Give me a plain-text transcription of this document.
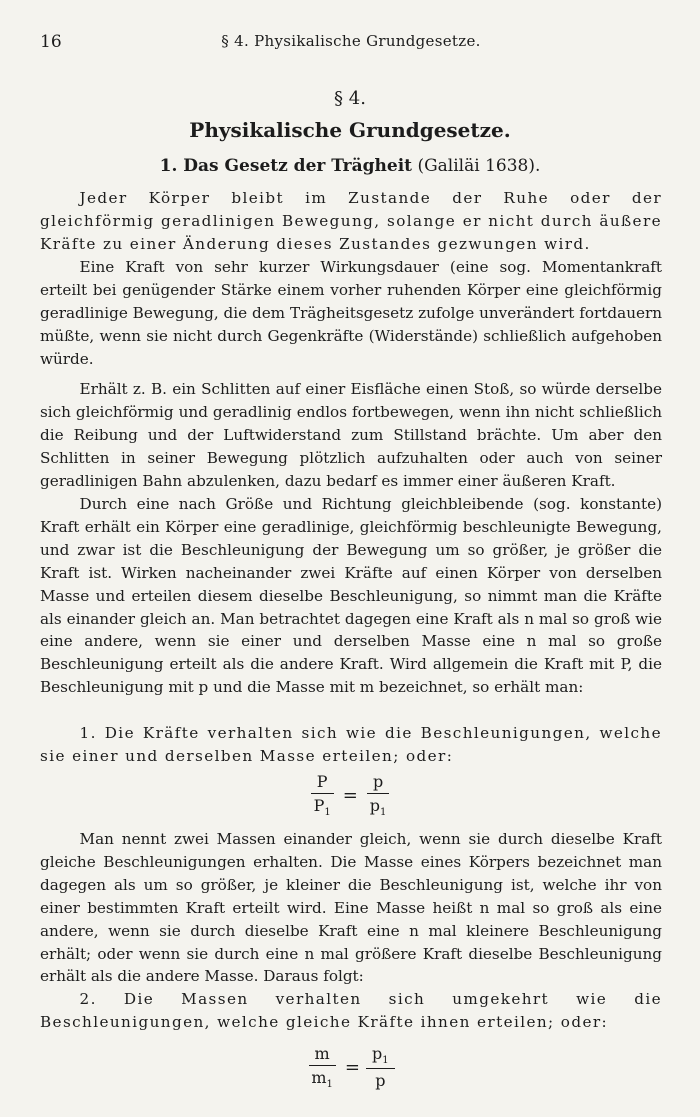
16	§ 4. Physikalische Grundgesetze.
§ 4.
Physikalische Grundgesetze.
1. Das Gesetz der Trägheit (Galiläi 1638).

Jeder Körper bleibt im Zustande der Ruhe oder der gleichförmig geradlinigen Bewegung, solange er nicht durch äußere Kräfte zu einer Änderung dieses Zustandes gezwungen wird.

Eine Kraft von sehr kurzer Wirkungsdauer (eine sog. Momentankraft erteilt bei genügender Stärke einem vorher ruhenden Körper eine gleichförmig geradlinige Bewegung, die dem Trägheitsgesetz zufolge unverändert fortdauern müßte, wenn sie nicht durch Gegenkräfte (Widerstände) schließlich aufgehoben würde.

Erhält z. B. ein Schlitten auf einer Eisfläche einen Stoß, so würde derselbe sich gleichförmig und geradlinig endlos fortbewegen, wenn ihn nicht schließlich die Reibung und der Luftwiderstand zum Stillstand brächte. Um aber den Schlitten in seiner Bewegung plötzlich aufzuhalten oder auch von seiner geradlinigen Bahn abzulenken, dazu bedarf es immer einer äußeren Kraft.

Durch eine nach Größe und Richtung gleichbleibende (sog. konstante) Kraft erhält ein Körper eine geradlinige, gleichförmig beschleunigte Bewegung, und zwar ist die Beschleunigung der Bewegung um so größer, je größer die Kraft ist. Wirken nacheinander zwei Kräfte auf einen Körper von derselben Masse und erteilen diesem dieselbe Beschleunigung, so nimmt man die Kräfte als einander gleich an. Man betrachtet dagegen eine Kraft als n mal so groß wie eine andere, wenn sie einer und derselben Masse eine n mal so große Beschleunigung erteilt als die andere Kraft. Wird allgemein die Kraft mit P, die Beschleunigung mit p und die Masse mit m bezeichnet, so erhält man:

1. Die Kräfte verhalten sich wie die Beschleunigungen, welche sie einer und derselben Masse erteilen; oder:

$\frac{P}{P_1} = \frac{p}{p_1}$

Man nennt zwei Massen einander gleich, wenn sie durch dieselbe Kraft gleiche Beschleunigungen erhalten. Die Masse eines Körpers bezeichnet man dagegen als um so größer, je kleiner die Beschleunigung ist, welche ihr von einer bestimmten Kraft erteilt wird. Eine Masse heißt n mal so groß als eine andere, wenn sie durch dieselbe Kraft eine n mal kleinere Beschleunigung erhält; oder wenn sie durch eine n mal größere Kraft dieselbe Beschleunigung erhält als die andere Masse. Daraus folgt:

2. Die Massen verhalten sich umgekehrt wie die Beschleunigungen, welche gleiche Kräfte ihnen erteilen; oder:

$\frac{m}{m_1} = \frac{p_1}{p}$
